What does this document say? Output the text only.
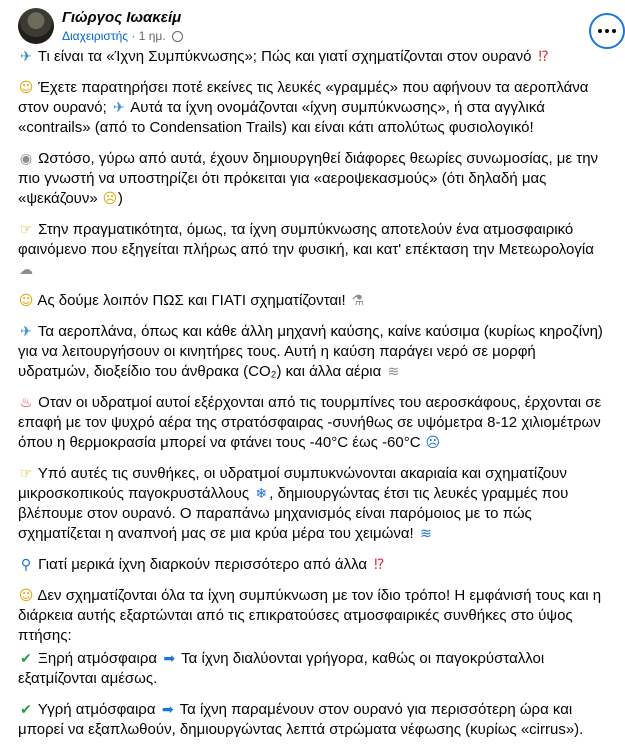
Γιώργος Ιωακείμ
Διαχειριστής · 1 ημ.

✈ Τι είναι τα «Ίχνη Συμπύκνωσης»; Πώς και γιατί σχηματίζονται στον ουρανό ⁉

☺ Έχετε παρατηρήσει ποτέ εκείνες τις λευκές «γραμμές» που αφήνουν τα αεροπλάνα στον ουρανό; ✈ Αυτά τα ίχνη ονομάζονται «ίχνη συμπύκνωσης», ή στα αγγλικά «contrails» (από το Condensation Trails) και είναι κάτι απολύτως φυσιολογικό!

◉ Ωστόσο, γύρω από αυτά, έχουν δημιουργηθεί διάφορες θεωρίες συνωμοσίας, με την πιο γνωστή να υποστηρίζει ότι πρόκειται για «αεροψεκασμούς» (ότι δηλαδή μας «ψεκάζουν» ☹)

☞ Στην πραγματικότητα, όμως, τα ίχνη συμπύκνωσης αποτελούν ένα ατμοσφαιρικό φαινόμενο που εξηγείται πλήρως από την φυσική, και κατ' επέκταση την Μετεωρολογία ☁

☺ Ας δούμε λοιπόν ΠΩΣ και ΓΙΑΤΙ σχηματίζονται! ⚗

✈ Τα αεροπλάνα, όπως και κάθε άλλη μηχανή καύσης, καίνε καύσιμα (κυρίως κηροζίνη) για να λειτουργήσουν οι κινητήρες τους. Αυτή η καύση παράγει νερό σε μορφή υδρατμών, διοξείδιο του άνθρακα (CO₂) και άλλα αέρια ≋

♨ Οταν οι υδρατμοί αυτοί εξέρχονται από τις τουρμπίνες του αεροσκάφους, έρχονται σε επαφή με τον ψυχρό αέρα της στρατόσφαιρας -συνήθως σε υψόμετρα 8-12 χιλιομέτρων όπου η θερμοκρασία μπορεί να φτάνει τους -40°C έως -60°C ☹

☞ Υπό αυτές τις συνθήκες, οι υδρατμοί συμπυκνώνονται ακαριαία και σχηματίζουν μικροσκοπικούς παγοκρυστάλλους ❄ , δημιουργώντας έτσι τις λευκές γραμμές που βλέπουμε στον ουρανό. Ο παραπάνω μηχανισμός είναι παρόμοιος με το πώς σχηματίζεται η αναπνοή μας σε μια κρύα μέρα του χειμώνα! ≋

⚲ Γιατί μερικά ίχνη διαρκούν περισσότερο από άλλα ⁉

☺ Δεν σχηματίζονται όλα τα ίχνη συμπύκνωση με τον ίδιο τρόπο! Η εμφάνισή τους και η διάρκεια αυτής εξαρτώνται από τις επικρατούσες ατμοσφαιρικές συνθήκες στο ύψος πτήσης:

✔ Ξηρή ατμόσφαιρα ➡ Τα ίχνη διαλύονται γρήγορα, καθώς οι παγοκρύσταλλοι εξατμίζονται αμέσως.

✔ Υγρή ατμόσφαιρα ➡ Τα ίχνη παραμένουν στον ουρανό για περισσότερη ώρα και μπορεί να εξαπλωθούν, δημιουργώντας λεπτά στρώματα νέφωσης (κυρίως «cirrus»).
